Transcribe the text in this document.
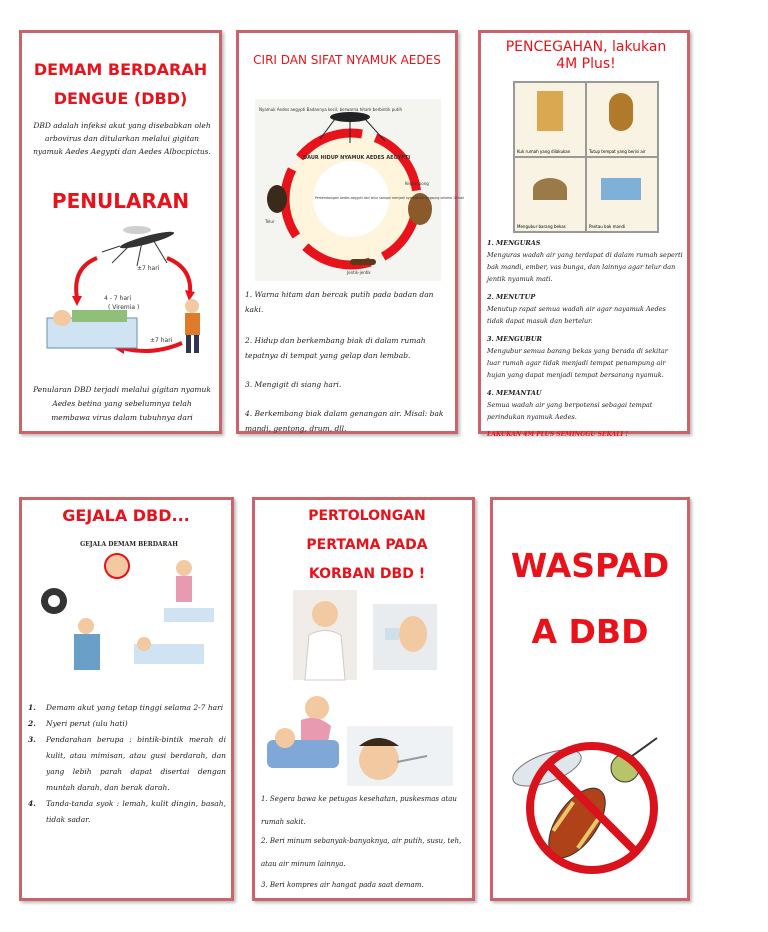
DEMAM BERDARAH DENGUE (DBD)
DBD adalah infeksi akut yang disebabkan oleh arbovirus dan ditularkan melalui gigitan nyamuk Aedes Aegypti dan Aedes Albocpictus.
PENULARAN
±7 hari
4 - 7 hari
( Viremia )
±7 hari
Penularan DBD terjadi melalui gigitan nyamuk Aedes betina yang sebelumnya telah membawa virus dalam tubuhnya dari
CIRI DAN SIFAT NYAMUK AEDES
Nyamuk Aedes aegypti Badannya kecil, berwarna hitam berbintik putih
DAUR HIDUP NYAMUK AEDES AEGYPTI
Perkembangan Aedes aegypti dari telur sampai menjadi nyamuk berlangsung selama 10 hari
Telur
Kepompong
Jentik-jentik
1. Warna hitam dan bercak putih pada badan dan kaki.
2. Hidup dan berkembang biak di dalam rumah tepatnya di tempat yang gelap dan lembab.
3. Mengigit di siang hari.
4. Berkembang biak dalam genangan air. Misal: bak mandi, gentong, drum, dll.
PENCEGAHAN, lakukan 4M Plus!
Kuk rumah yang dilakukan	Tutup tempat yang berisi air
Mengubur barang bekas	Pantau bak mandi
1. MENGURAS
Menguras wadah air yang terdapat di dalam rumah seperti bak mandi, ember, vas bunga, dan lainnya agar telur dan jentik nyamuk mati.
2. MENUTUP
Menutup rapat semua wadah air agar nayamuk Aedes tidak dapat masuk dan bertelur.
3. MENGUBUR
Mengubur semua barang bekas yang berada di sekitar luar rumah agar tidak menjadi tempat penampung air hujan yang dapat menjadi tempat bersarang nyamuk.
4. MEMANTAU
Semua wadah air yang berpotensi sebagai tempat perindukan nyamuk Aedes.
LAKUKAN 4M PLUS SEMINGGU SEKALI !
GEJALA DBD...
GEJALA DEMAM BERDARAH
1.	Demam akut yang tetap tinggi selama 2-7 hari
2.	Nyeri perut (ulu hati)
3.	Pendarahan berupa : bintik-bintik merah di kulit, atau mimisan, atau gusi berdarah, dan yang lebih parah dapat disertai dengan muntah darah, dan berak darah.
4.	Tanda-tanda syok : lemah, kulit dingin, basah, tidak sadar.
PERTOLONGAN PERTAMA PADA KORBAN DBD !
1. Segera bawa ke petugas kesehatan, puskesmas atau rumah sakit.
2. Beri minum sebanyak-banyaknya, air putih, susu, teh, atau air minum lainnya.
3. Beri kompres air hangat pada saat demam.
WASPAD
A DBD
